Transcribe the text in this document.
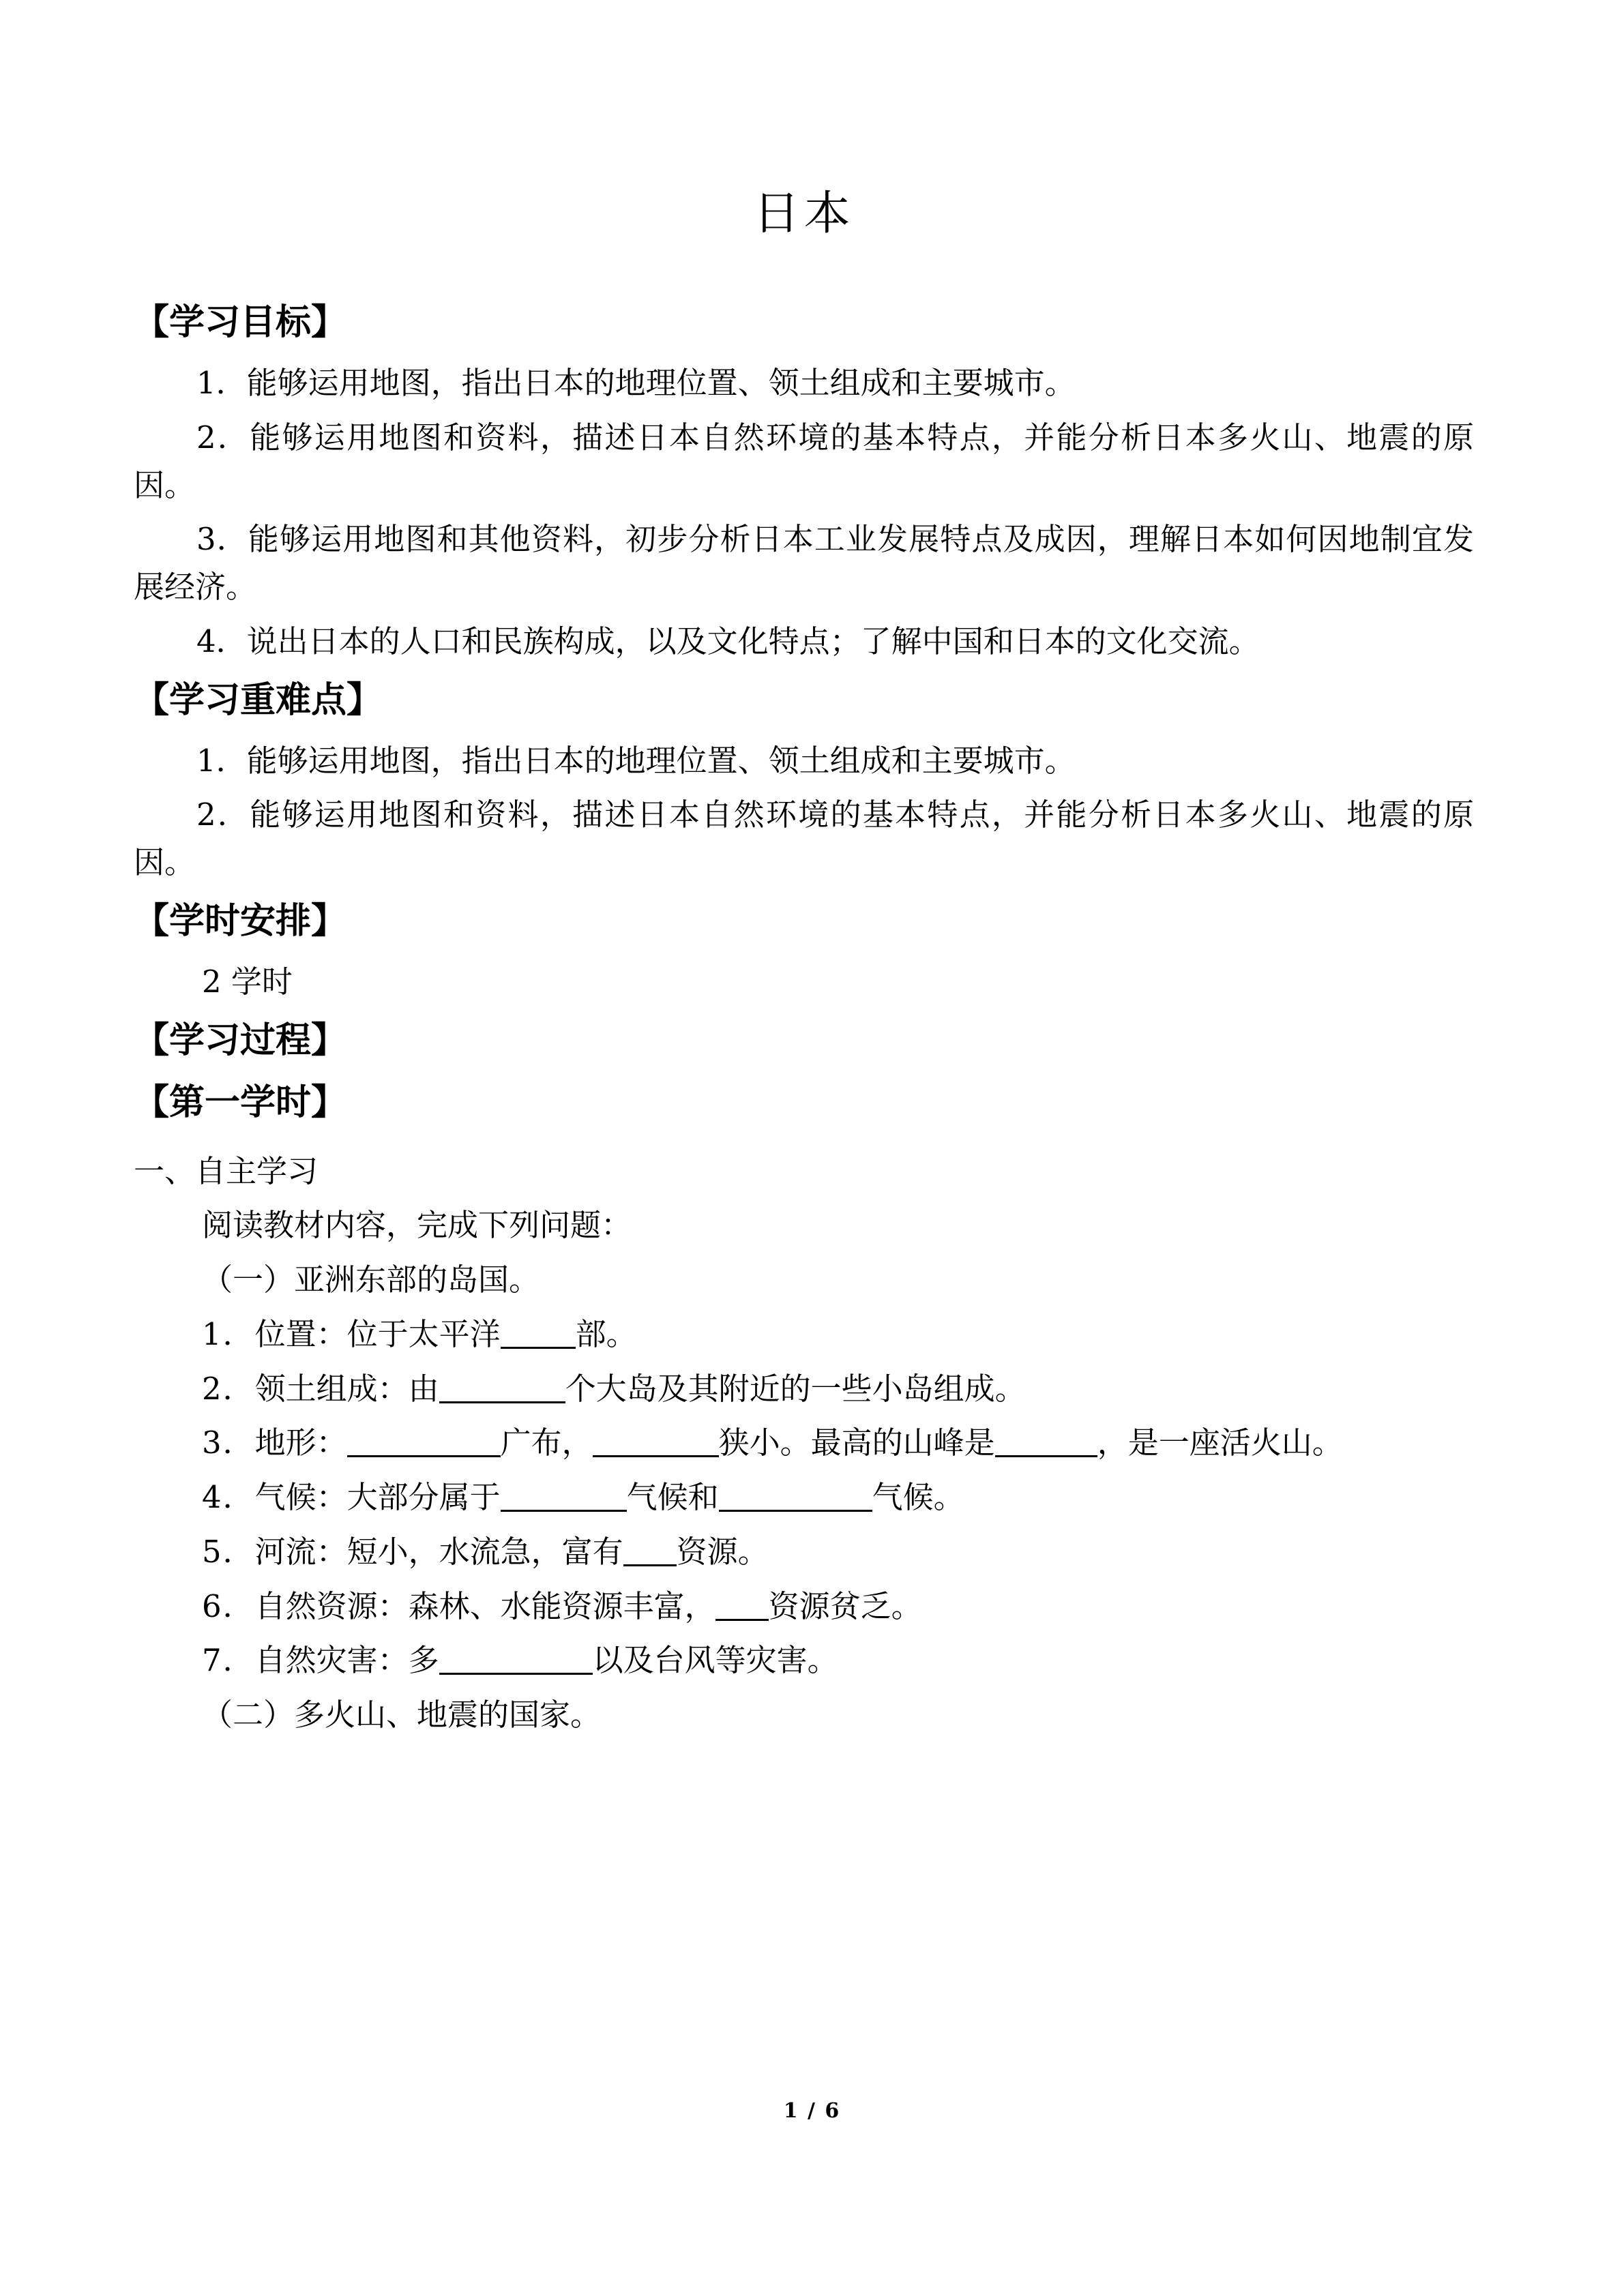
日本
【学习目标】

1．能够运用地图，指出日本的地理位置、领土组成和主要城市。

2．能够运用地图和资料，描述日本自然环境的基本特点，并能分析日本多火山、地震的原因。

3．能够运用地图和其他资料，初步分析日本工业发展特点及成因，理解日本如何因地制宜发展经济。

4．说出日本的人口和民族构成，以及文化特点；了解中国和日本的文化交流。

【学习重难点】

1．能够运用地图，指出日本的地理位置、领土组成和主要城市。

2．能够运用地图和资料，描述日本自然环境的基本特点，并能分析日本多火山、地震的原因。

【学时安排】

2 学时

【学习过程】
【第一学时】

一、自主学习

阅读教材内容，完成下列问题：

（一）亚洲东部的岛国。

1．位置：位于太平洋 部。

2．领土组成：由	个大岛及其附近的一些小岛组成。

3．地形：	广布，	狭小。最高的山峰是	，是一座活火山。

4．气候：大部分属于	气候和	气候。

5．河流：短小，水流急，富有 资源。

6．自然资源：森林、水能资源丰富， 资源贫乏。

7．自然灾害：多	以及台风等灾害。

（二）多火山、地震的国家。

1 / 6
